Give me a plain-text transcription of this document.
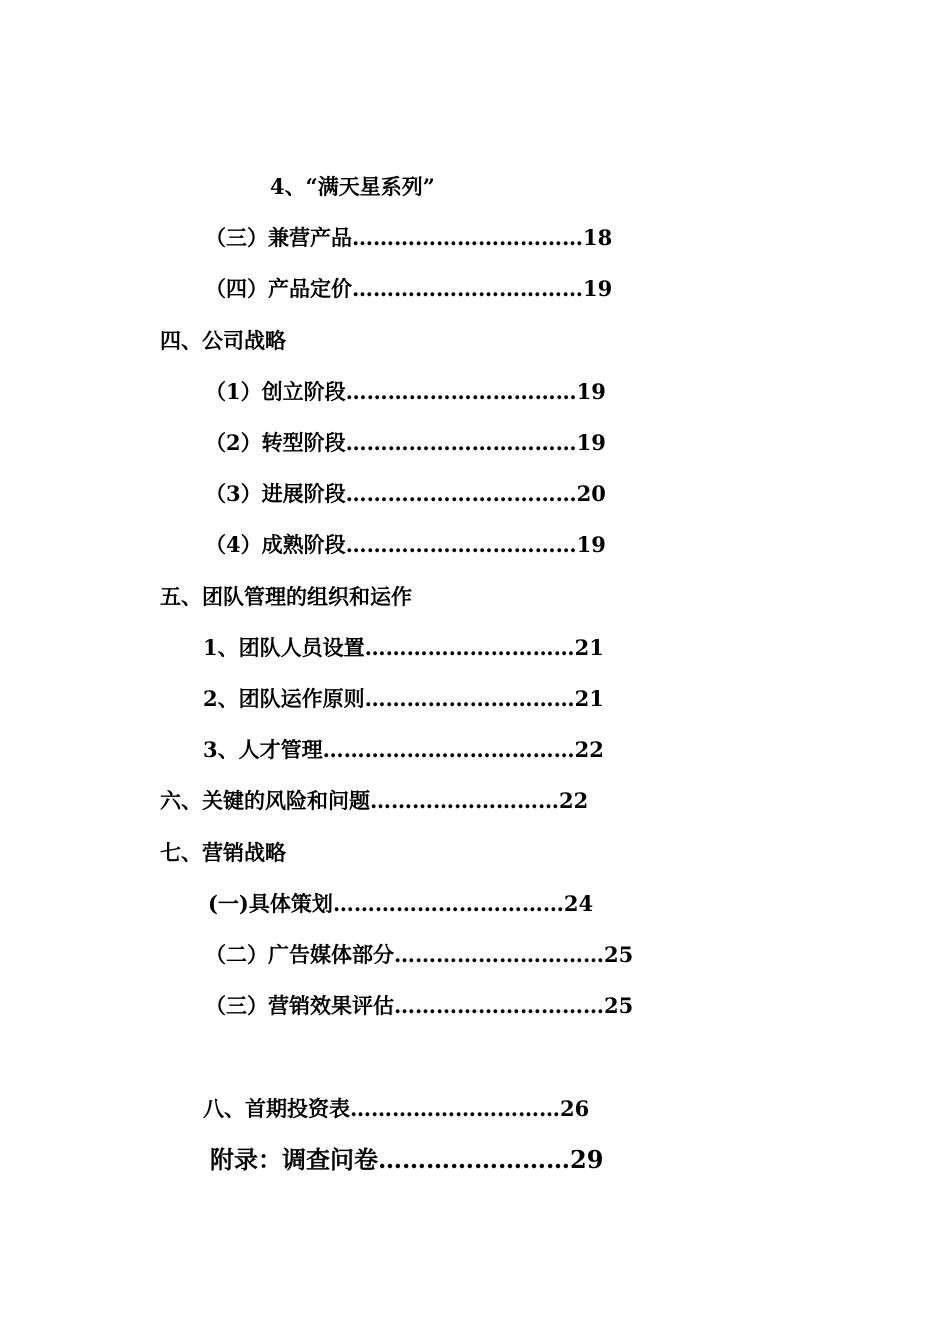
4、“满天星系列”
（三）兼营产品……………………………18
（四）产品定价……………………………19
四、公司战略
（1）创立阶段……………………………19
（2）转型阶段……………………………19
（3）进展阶段……………………………20
（4）成熟阶段……………………………19
五、团队管理的组织和运作
1、团队人员设置…………………………21
2、团队运作原则…………………………21
3、人才管理………………………………22
六、关键的风险和问题………………………22
七、营销战略
(一)具体策划……………………………24
（二）广告媒体部分…………………………25
（三）营销效果评估…………………………25
八、首期投资表…………………………26
附录：调查问卷……………………29
